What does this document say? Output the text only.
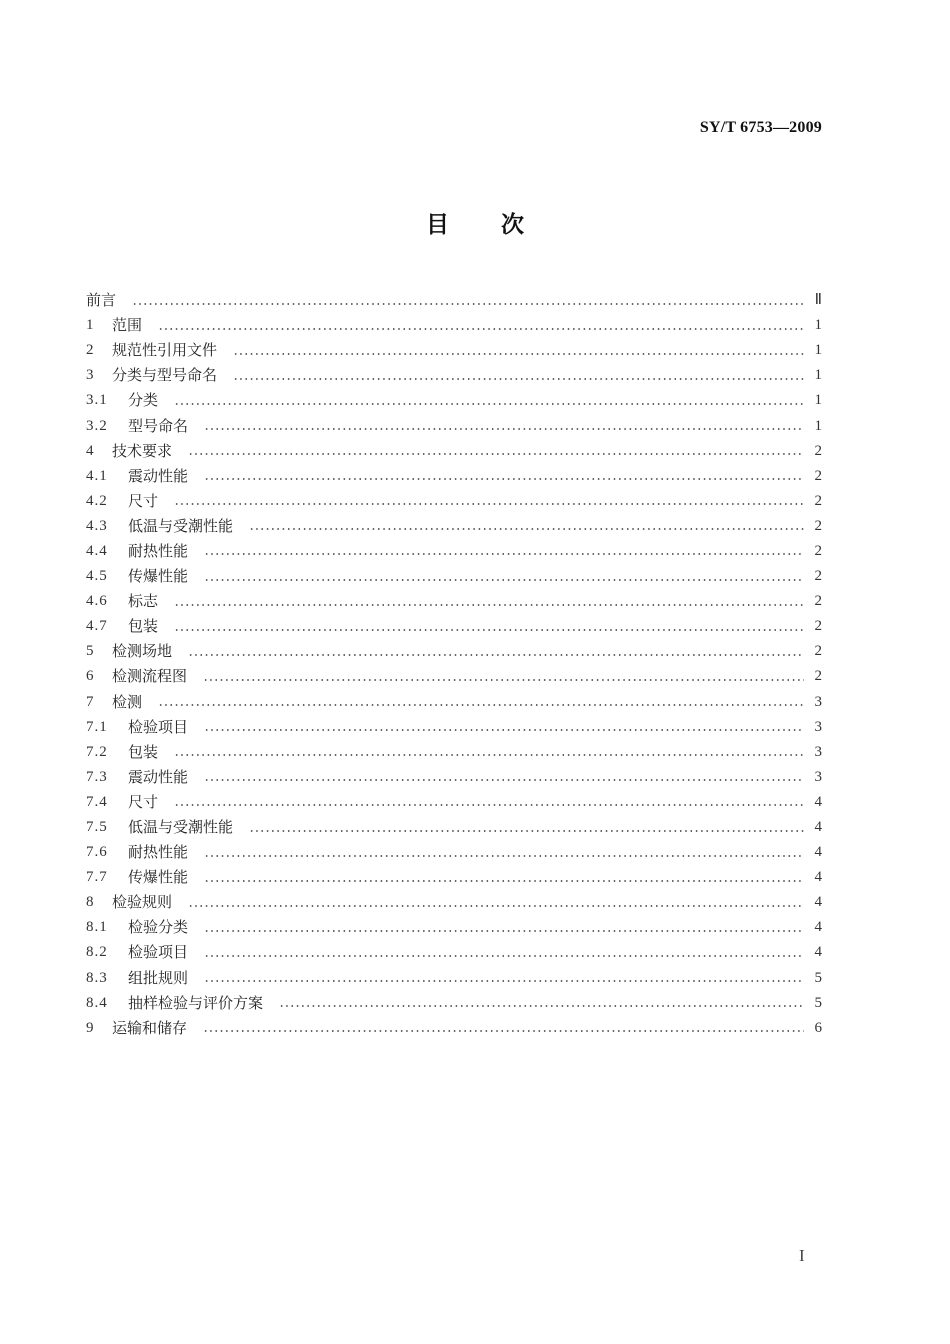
SY/T 6753—2009
目 次
前言	Ⅱ
1	范围	1
2	规范性引用文件	1
3	分类与型号命名	1
3.1	分类	1
3.2	型号命名	1
4	技术要求	2
4.1	震动性能	2
4.2	尺寸	2
4.3	低温与受潮性能	2
4.4	耐热性能	2
4.5	传爆性能	2
4.6	标志	2
4.7	包装	2
5	检测场地	2
6	检测流程图	2
7	检测	3
7.1	检验项目	3
7.2	包装	3
7.3	震动性能	3
7.4	尺寸	4
7.5	低温与受潮性能	4
7.6	耐热性能	4
7.7	传爆性能	4
8	检验规则	4
8.1	检验分类	4
8.2	检验项目	4
8.3	组批规则	5
8.4	抽样检验与评价方案	5
9	运输和储存	6
I
